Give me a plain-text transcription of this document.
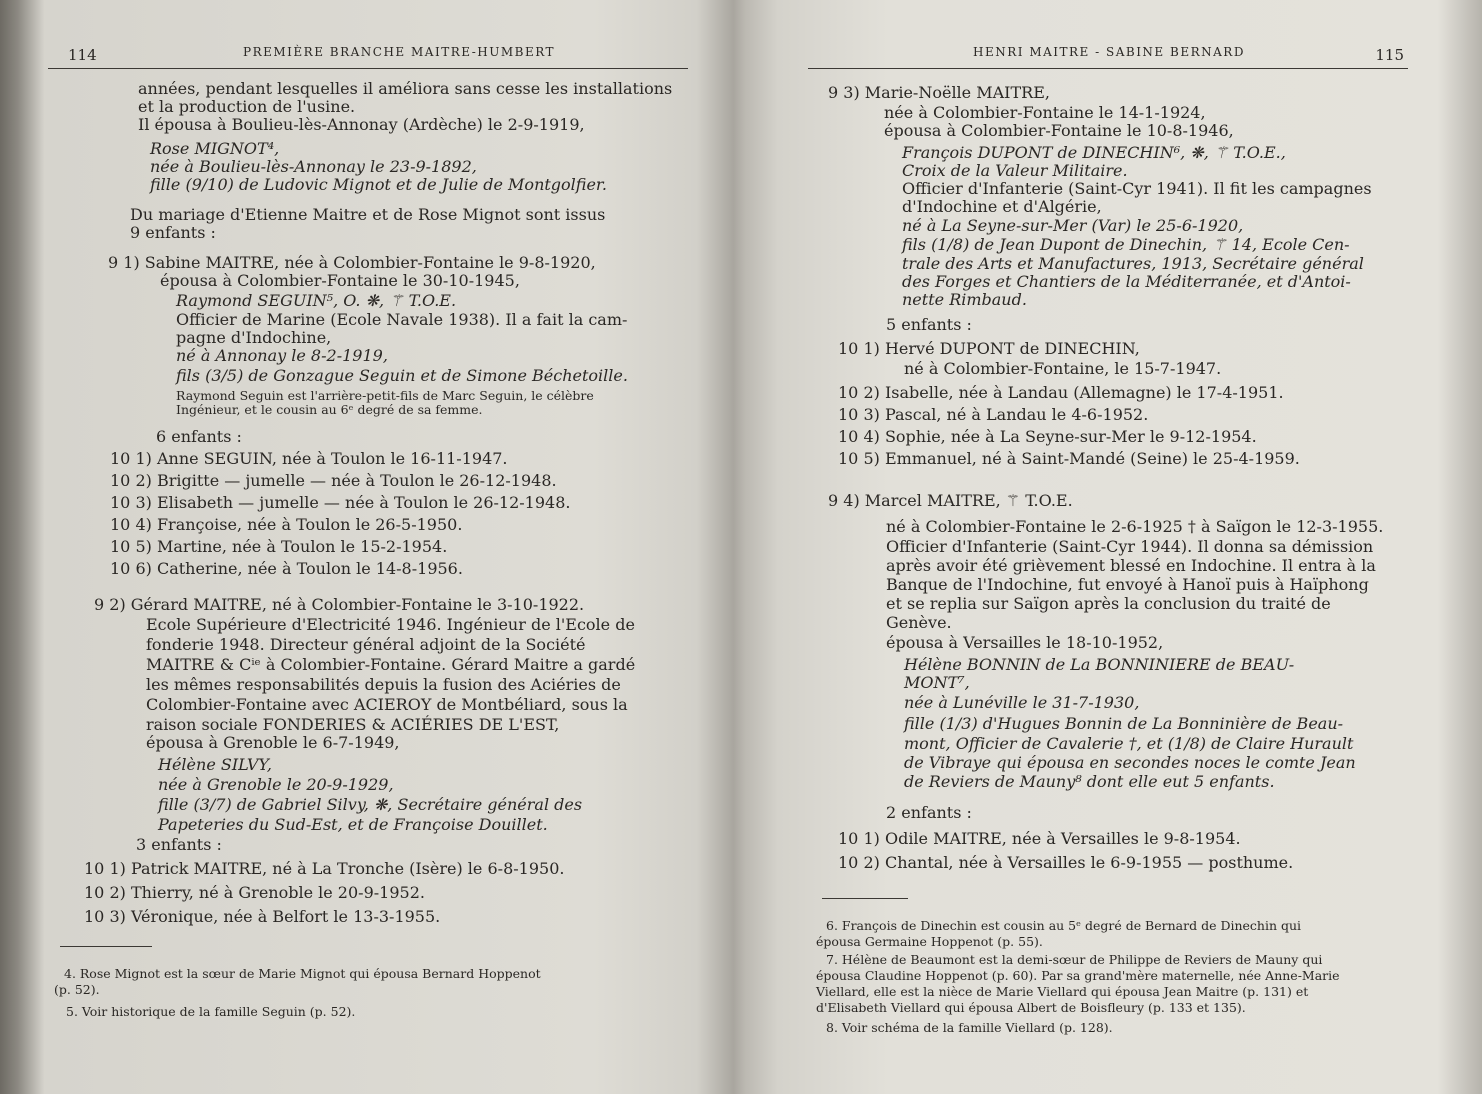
114	PREMIÈRE BRANCHE MAITRE-HUMBERT
années, pendant lesquelles il améliora sans cesse les installations
et la production de l'usine.
Il épousa à Boulieu-lès-Annonay (Ardèche) le 2-9-1919,
Rose MIGNOT⁴,
née à Boulieu-lès-Annonay le 23-9-1892,
fille (9/10) de Ludovic Mignot et de Julie de Montgolfier.
Du mariage d'Etienne Maitre et de Rose Mignot sont issus
9 enfants :
9 1) Sabine MAITRE, née à Colombier-Fontaine le 9-8-1920,
épousa à Colombier-Fontaine le 30-10-1945,
Raymond SEGUIN⁵, O. ❋, ⚚ T.O.E.
Officier de Marine (Ecole Navale 1938). Il a fait la cam-
pagne d'Indochine,
né à Annonay le 8-2-1919,
fils (3/5) de Gonzague Seguin et de Simone Béchetoille.
Raymond Seguin est l'arrière-petit-fils de Marc Seguin, le célèbre
Ingénieur, et le cousin au 6ᵉ degré de sa femme.
6 enfants :
10 1) Anne SEGUIN, née à Toulon le 16-11-1947.
10 2) Brigitte — jumelle — née à Toulon le 26-12-1948.
10 3) Elisabeth — jumelle — née à Toulon le 26-12-1948.
10 4) Françoise, née à Toulon le 26-5-1950.
10 5) Martine, née à Toulon le 15-2-1954.
10 6) Catherine, née à Toulon le 14-8-1956.
9 2) Gérard MAITRE, né à Colombier-Fontaine le 3-10-1922.
Ecole Supérieure d'Electricité 1946. Ingénieur de l'Ecole de
fonderie 1948. Directeur général adjoint de la Société
MAITRE & Cⁱᵉ à Colombier-Fontaine. Gérard Maitre a gardé
les mêmes responsabilités depuis la fusion des Aciéries de
Colombier-Fontaine avec ACIEROY de Montbéliard, sous la
raison sociale FONDERIES & ACIÉRIES DE L'EST,
épousa à Grenoble le 6-7-1949,
Hélène SILVY,
née à Grenoble le 20-9-1929,
fille (3/7) de Gabriel Silvy, ❋, Secrétaire général des
Papeteries du Sud-Est, et de Françoise Douillet.
3 enfants :
10 1) Patrick MAITRE, né à La Tronche (Isère) le 6-8-1950.
10 2) Thierry, né à Grenoble le 20-9-1952.
10 3) Véronique, née à Belfort le 13-3-1955.
4. Rose Mignot est la sœur de Marie Mignot qui épousa Bernard Hoppenot
(p. 52).
5. Voir historique de la famille Seguin (p. 52).
HENRI MAITRE - SABINE BERNARD	115
9 3) Marie-Noëlle MAITRE,
née à Colombier-Fontaine le 14-1-1924,
épousa à Colombier-Fontaine le 10-8-1946,
François DUPONT de DINECHIN⁶, ❋, ⚚ T.O.E.,
Croix de la Valeur Militaire.
Officier d'Infanterie (Saint-Cyr 1941). Il fit les campagnes
d'Indochine et d'Algérie,
né à La Seyne-sur-Mer (Var) le 25-6-1920,
fils (1/8) de Jean Dupont de Dinechin, ⚚ 14, Ecole Cen-
trale des Arts et Manufactures, 1913, Secrétaire général
des Forges et Chantiers de la Méditerranée, et d'Antoi-
nette Rimbaud.
5 enfants :
10 1) Hervé DUPONT de DINECHIN,
né à Colombier-Fontaine, le 15-7-1947.
10 2) Isabelle, née à Landau (Allemagne) le 17-4-1951.
10 3) Pascal, né à Landau le 4-6-1952.
10 4) Sophie, née à La Seyne-sur-Mer le 9-12-1954.
10 5) Emmanuel, né à Saint-Mandé (Seine) le 25-4-1959.
9 4) Marcel MAITRE, ⚚ T.O.E.
né à Colombier-Fontaine le 2-6-1925 † à Saïgon le 12-3-1955.
Officier d'Infanterie (Saint-Cyr 1944). Il donna sa démission
après avoir été grièvement blessé en Indochine. Il entra à la
Banque de l'Indochine, fut envoyé à Hanoï puis à Haïphong
et se replia sur Saïgon après la conclusion du traité de
Genève.
épousa à Versailles le 18-10-1952,
Hélène BONNIN de La BONNINIERE de BEAU-
MONT⁷,
née à Lunéville le 31-7-1930,
fille (1/3) d'Hugues Bonnin de La Bonninière de Beau-
mont, Officier de Cavalerie †, et (1/8) de Claire Hurault
de Vibraye qui épousa en secondes noces le comte Jean
de Reviers de Mauny⁸ dont elle eut 5 enfants.
2 enfants :
10 1) Odile MAITRE, née à Versailles le 9-8-1954.
10 2) Chantal, née à Versailles le 6-9-1955 — posthume.
6. François de Dinechin est cousin au 5ᵉ degré de Bernard de Dinechin qui
épousa Germaine Hoppenot (p. 55).
7. Hélène de Beaumont est la demi-sœur de Philippe de Reviers de Mauny qui
épousa Claudine Hoppenot (p. 60). Par sa grand'mère maternelle, née Anne-Marie
Viellard, elle est la nièce de Marie Viellard qui épousa Jean Maitre (p. 131) et
d'Elisabeth Viellard qui épousa Albert de Boisfleury (p. 133 et 135).
8. Voir schéma de la famille Viellard (p. 128).
